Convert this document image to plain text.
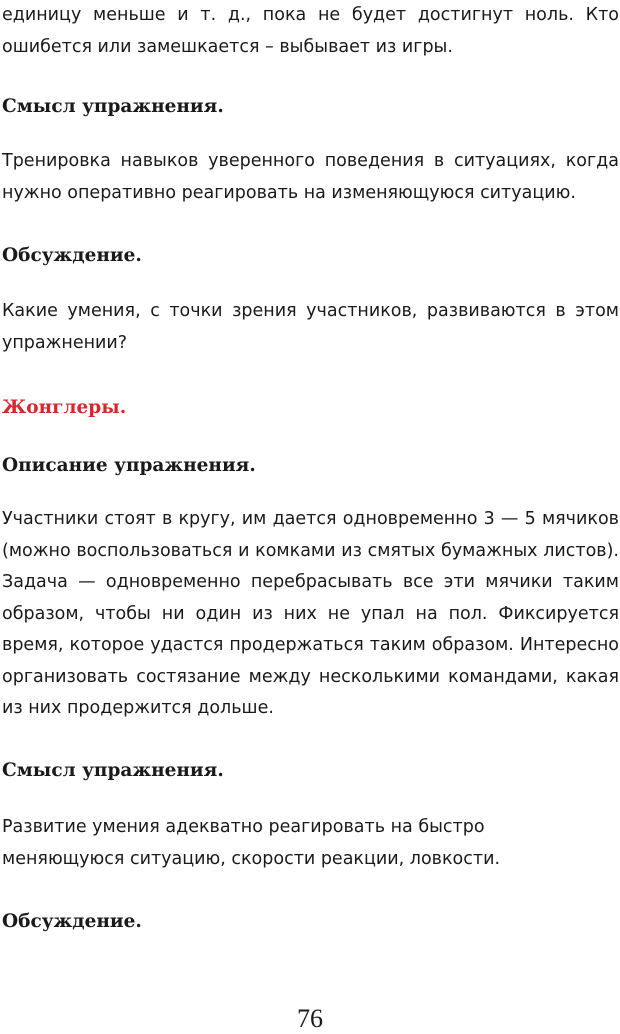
единицу меньше и т. д., пока не будет достигнут ноль. Кто ошибется или замешкается – выбывает из игры.

Смысл упражнения.

Тренировка навыков уверенного поведения в ситуациях, когда нужно оперативно реагировать на изменяющуюся ситуацию.

Обсуждение.

Какие умения, с точки зрения участников, развиваются в этом упражнении?

Жонглеры.
Описание упражнения.

Участники стоят в кругу, им дается одновременно 3 — 5 мячиков (можно воспользоваться и комками из смятых бумажных листов). Задача — одновременно перебрасывать все эти мячики таким образом, чтобы ни один из них не упал на пол. Фиксируется время, которое удастся продержаться таким образом. Интересно организовать состязание между несколькими командами, какая из них продержится дольше.

Смысл упражнения.

Развитие умения адекватно реагировать на быстро
меняющуюся ситуацию, скорости реакции, ловкости.

Обсуждение.
76
